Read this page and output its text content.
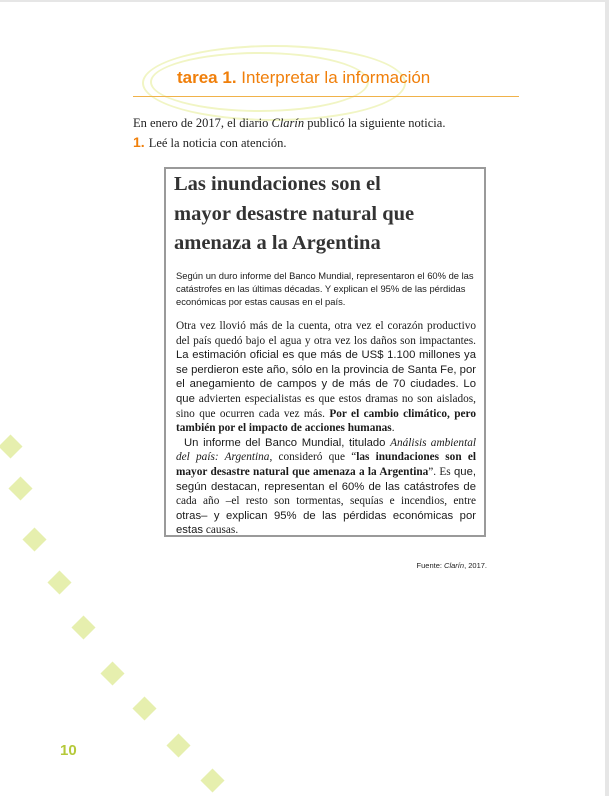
tarea 1. Interpretar la información
En enero de 2017, el diario Clarín publicó la siguiente noticia.
1. Leé la noticia con atención.
Las inundaciones son el
mayor desastre natural que
amenaza a la Argentina
Según un duro informe del Banco Mundial, representaron el 60% de las catástrofes en las últimas décadas. Y explican el 95% de las pérdidas económicas por estas causas en el país.

Otra vez llovió más de la cuenta, otra vez el corazón productivo del país quedó bajo el agua y otra vez los daños son impactantes. La estimación oficial es que más de US$ 1.100 millones ya se perdieron este año, sólo en la provincia de Santa Fe, por el anegamiento de campos y de más de 70 ciudades. Lo que advierten especialistas es que estos dramas no son aislados, sino que ocurren cada vez más. Por el cambio climático, pero también por el impacto de acciones humanas.

Un informe del Banco Mundial, titulado Análisis ambiental del país: Argentina, consideró que “las inundaciones son el mayor desastre natural que amenaza a la Argentina”. Es que, según destacan, representan el 60% de las catástrofes de cada año –el resto son tormentas, sequías e incendios, entre otras– y explican 95% de las pérdidas económicas por estas causas.

Fuente: Clarín, 2017.
10
